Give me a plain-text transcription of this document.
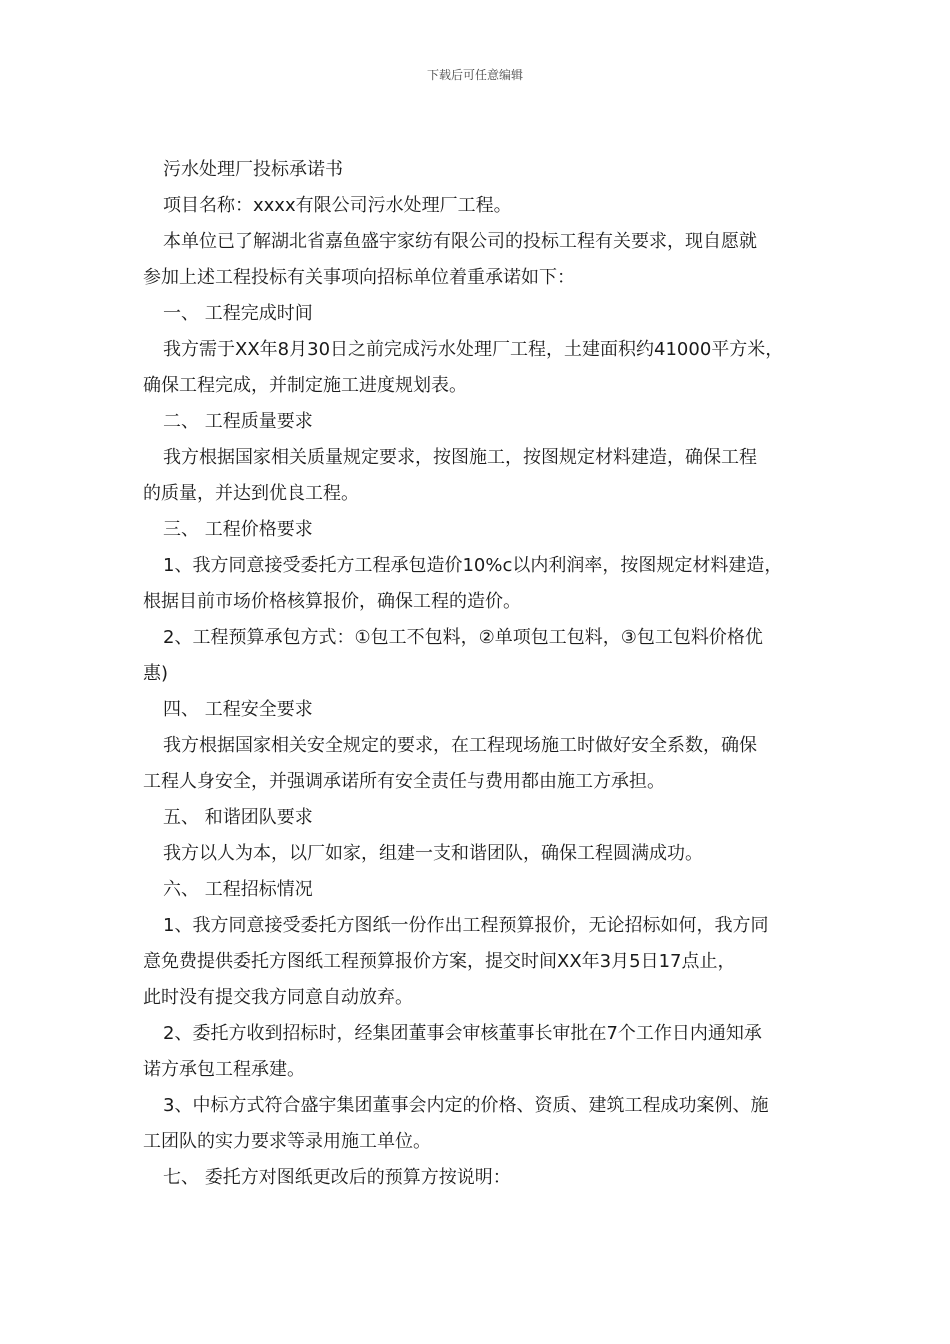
下载后可任意编辑

污水处理厂投标承诺书

项目名称：xxxx有限公司污水处理厂工程。

本单位已了解湖北省嘉鱼盛宇家纺有限公司的投标工程有关要求，现自愿就

参加上述工程投标有关事项向招标单位着重承诺如下：

一、 工程完成时间

我方需于XX年8月30日之前完成污水处理厂工程，土建面积约41000平方米，

确保工程完成，并制定施工进度规划表。

二、 工程质量要求

我方根据国家相关质量规定要求，按图施工，按图规定材料建造，确保工程

的质量，并达到优良工程。

三、 工程价格要求

1、我方同意接受委托方工程承包造价10%c以内利润率，按图规定材料建造，

根据目前市场价格核算报价，确保工程的造价。

2、工程预算承包方式：①包工不包料，②单项包工包料，③包工包料价格优

惠)

四、 工程安全要求

我方根据国家相关安全规定的要求，在工程现场施工时做好安全系数，确保

工程人身安全，并强调承诺所有安全责任与费用都由施工方承担。

五、 和谐团队要求

我方以人为本，以厂如家，组建一支和谐团队，确保工程圆满成功。

六、 工程招标情况

1、我方同意接受委托方图纸一份作出工程预算报价，无论招标如何，我方同

意免费提供委托方图纸工程预算报价方案，提交时间XX年3月5日17点止，

此时没有提交我方同意自动放弃。

2、委托方收到招标时，经集团董事会审核董事长审批在7个工作日内通知承

诺方承包工程承建。

3、中标方式符合盛宇集团董事会内定的价格、资质、建筑工程成功案例、施

工团队的实力要求等录用施工单位。

七、 委托方对图纸更改后的预算方按说明：
